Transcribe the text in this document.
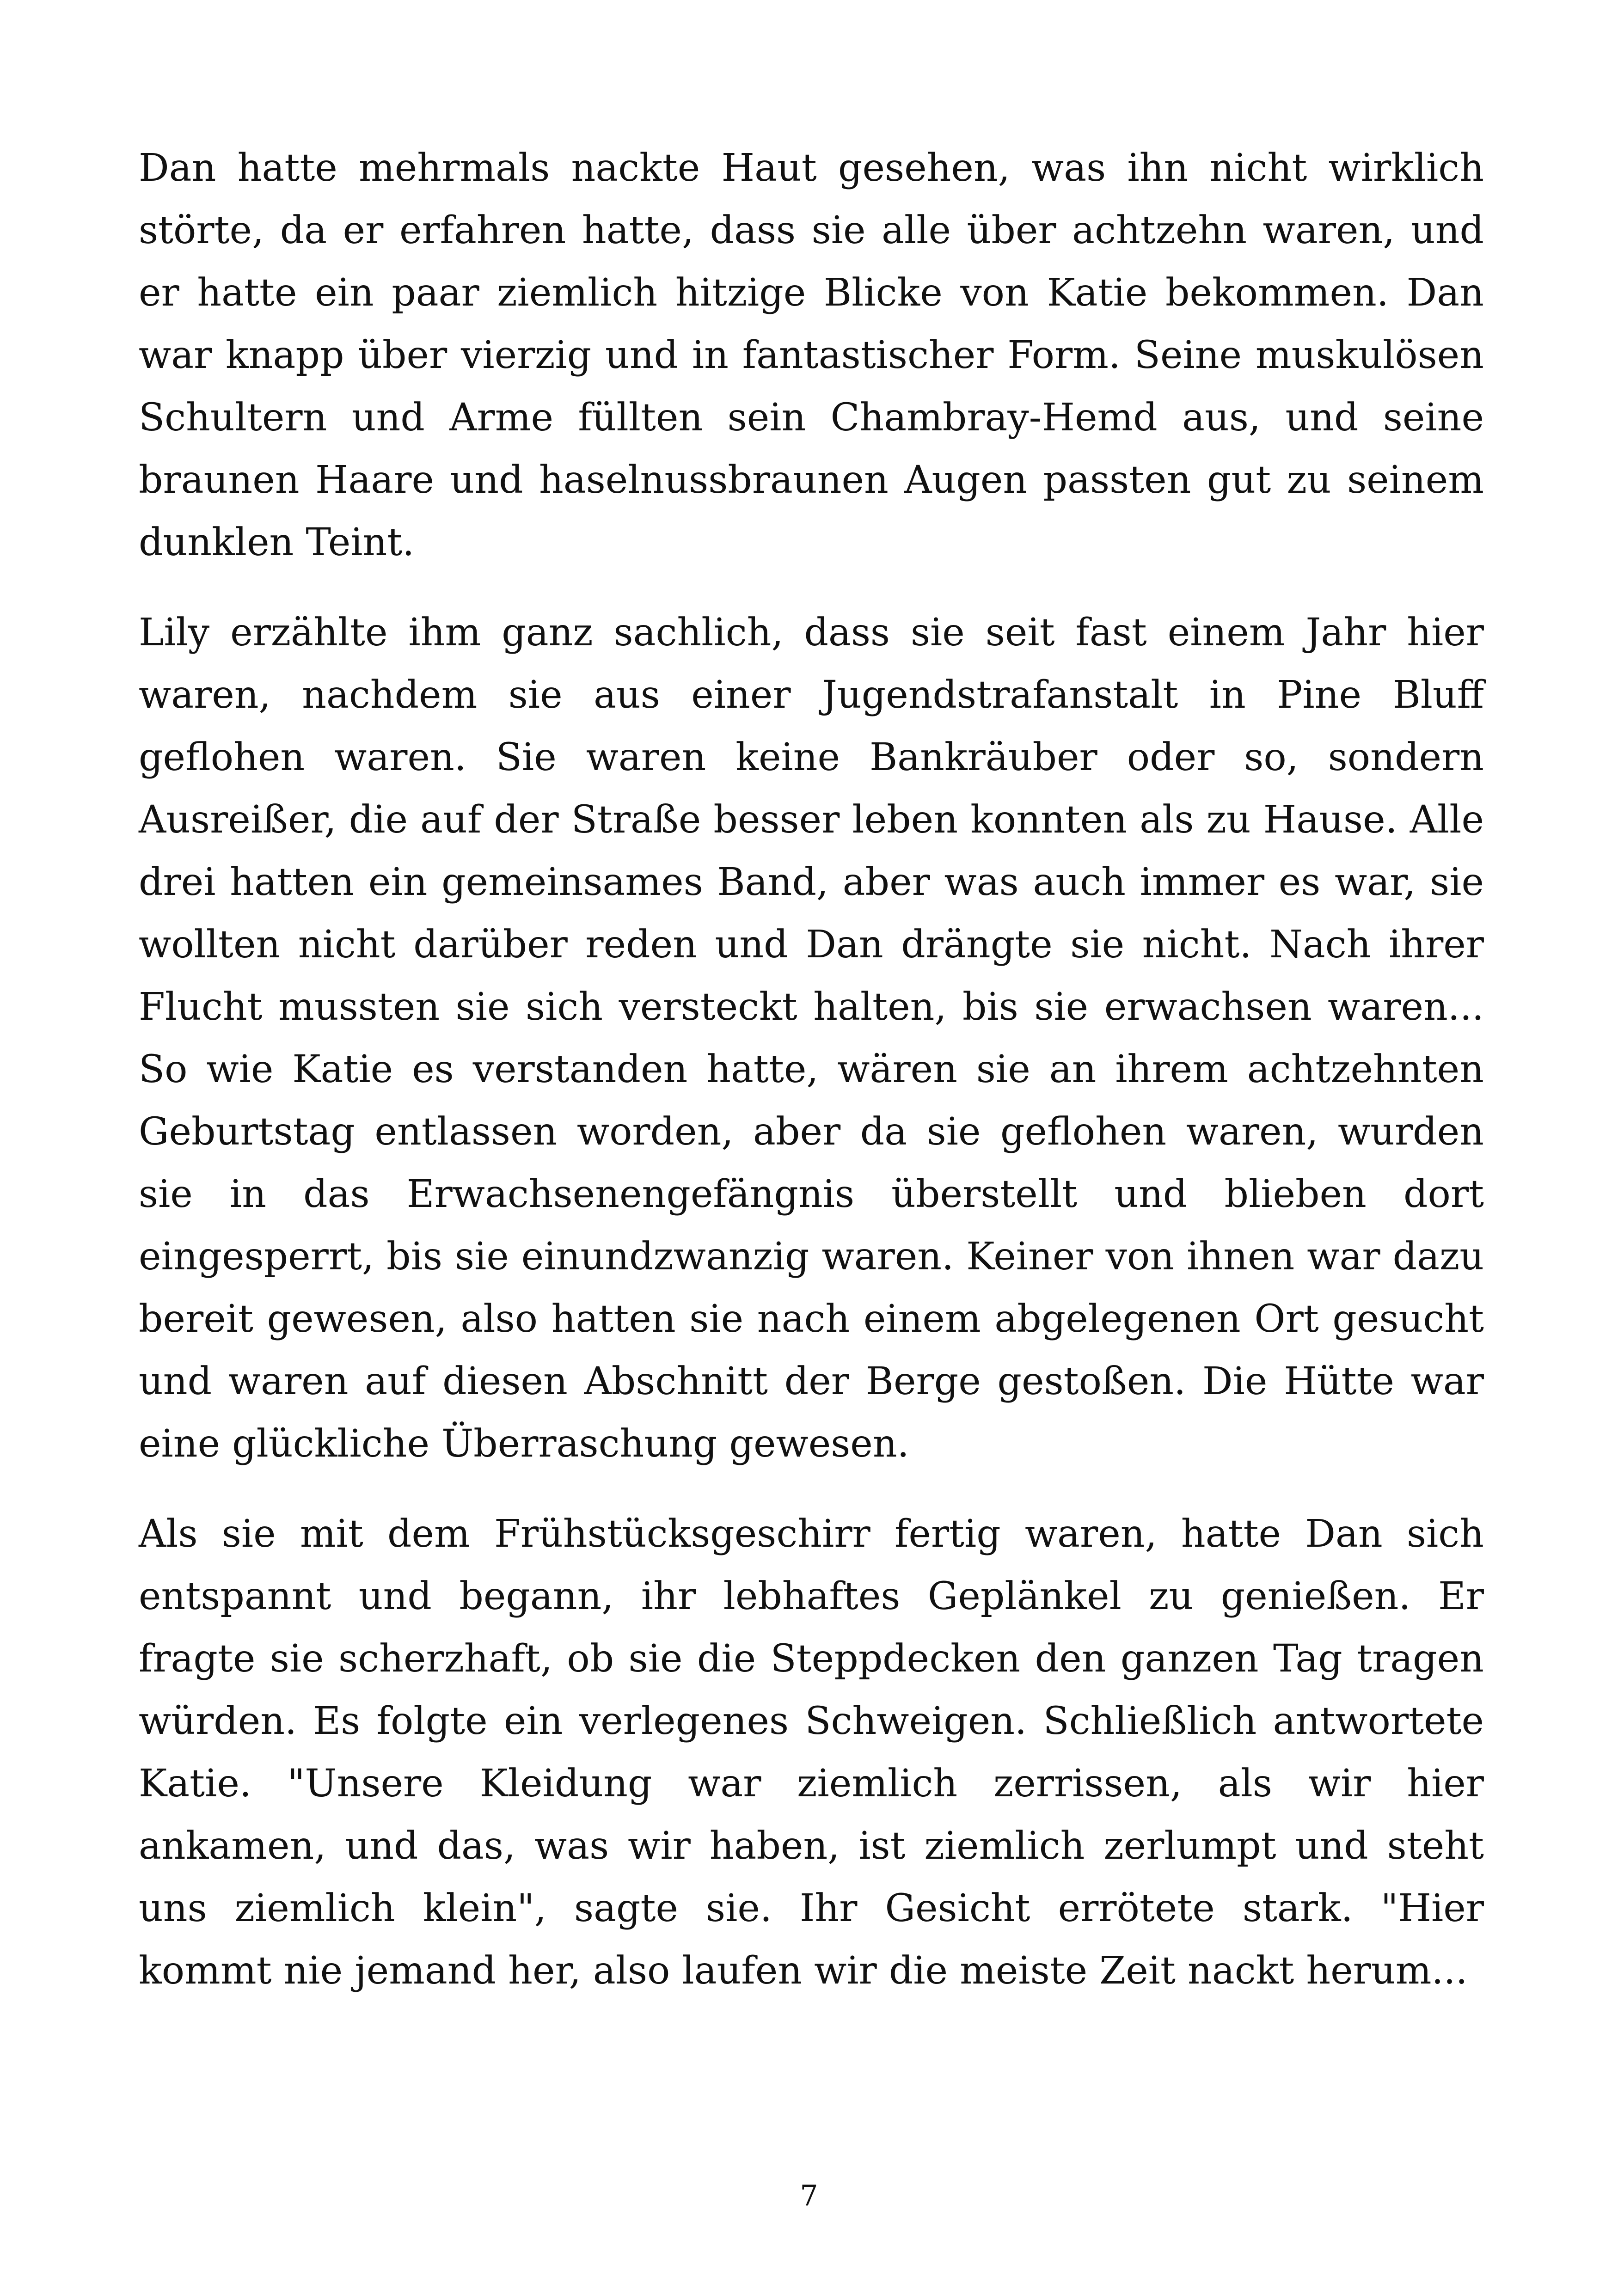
Dan hatte mehrmals nackte Haut gesehen, was ihn nicht wirklich störte, da er erfahren hatte, dass sie alle über achtzehn waren, und er hatte ein paar ziemlich hitzige Blicke von Katie bekommen. Dan war knapp über vierzig und in fantastischer Form. Seine muskulösen Schultern und Arme füllten sein Chambray-Hemd aus, und seine braunen Haare und haselnussbraunen Augen passten gut zu seinem dunklen Teint.

Lily erzählte ihm ganz sachlich, dass sie seit fast einem Jahr hier waren, nachdem sie aus einer Jugendstrafanstalt in Pine Bluff geflohen waren. Sie waren keine Bankräuber oder so, sondern Ausreißer, die auf der Straße besser leben konnten als zu Hause. Alle drei hatten ein gemeinsames Band, aber was auch immer es war, sie wollten nicht darüber reden und Dan drängte sie nicht. Nach ihrer Flucht mussten sie sich versteckt halten, bis sie erwachsen waren... So wie Katie es verstanden hatte, wären sie an ihrem achtzehnten Geburtstag entlassen worden, aber da sie geflohen waren, wurden sie in das Erwachsenengefängnis überstellt und blieben dort eingesperrt, bis sie einundzwanzig waren. Keiner von ihnen war dazu bereit gewesen, also hatten sie nach einem abgelegenen Ort gesucht und waren auf diesen Abschnitt der Berge gestoßen. Die Hütte war eine glückliche Überraschung gewesen.

Als sie mit dem Frühstücksgeschirr fertig waren, hatte Dan sich entspannt und begann, ihr lebhaftes Geplänkel zu genießen. Er fragte sie scherzhaft, ob sie die Steppdecken den ganzen Tag tragen würden. Es folgte ein verlegenes Schweigen. Schließlich antwortete Katie. "Unsere Kleidung war ziemlich zerrissen, als wir hier ankamen, und das, was wir haben, ist ziemlich zerlumpt und steht uns ziemlich klein", sagte sie. Ihr Gesicht errötete stark. "Hier kommt nie jemand her, also laufen wir die meiste Zeit nackt herum...

7
